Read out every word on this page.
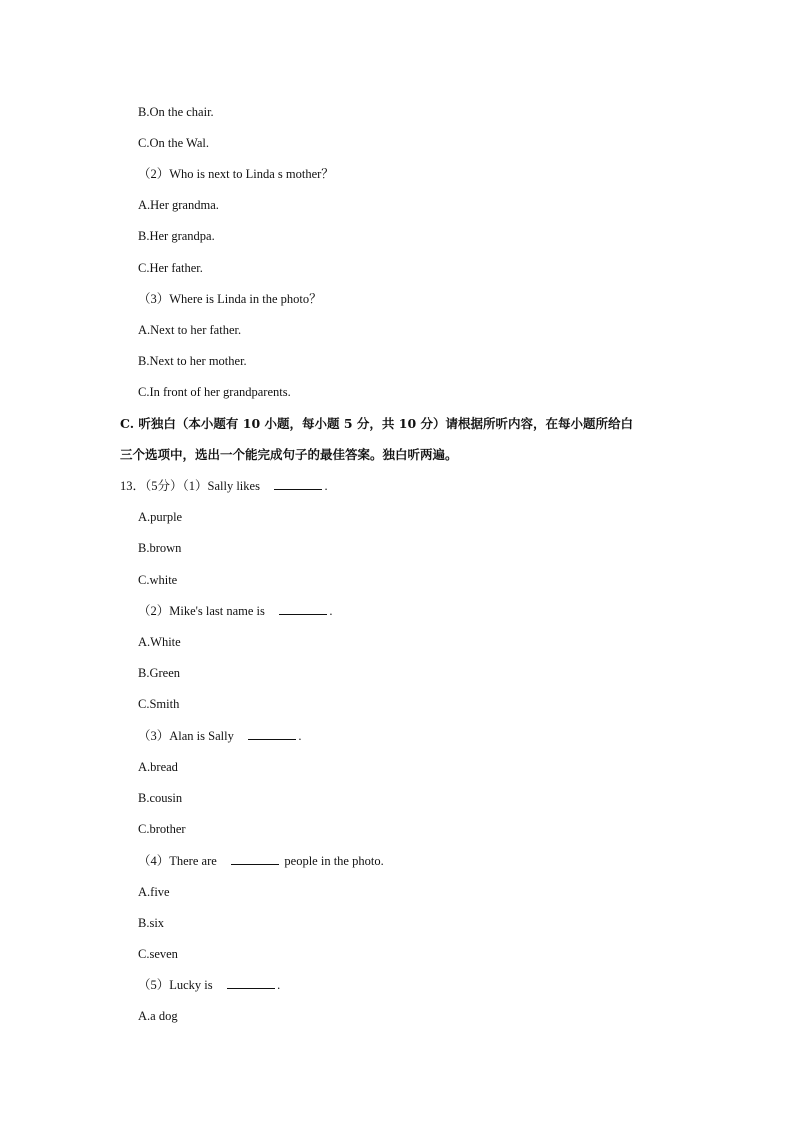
B.On the chair.
C.On the Wal.
（2）Who is next to Linda s mother？
A.Her grandma.
B.Her grandpa.
C.Her father.
（3）Where is Linda in the photo？
A.Next to her father.
B.Next to her mother.
C.In front of her grandparents.
C. 听独白（本小题有 10 小题，每小题 5 分，共 10 分）请根据所听内容，在每小题所给白
三个选项中，选出一个能完成句子的最佳答案。独白听两遍。
13．（5分）（1）Sally likes	.
A.purple
B.brown
C.white
（2）Mike's last name is	.
A.White
B.Green
C.Smith
（3）Alan is Sally	.
A.bread
B.cousin
C.brother
（4）There are	people in the photo.
A.five
B.six
C.seven
（5）Lucky is	.
A.a dog
